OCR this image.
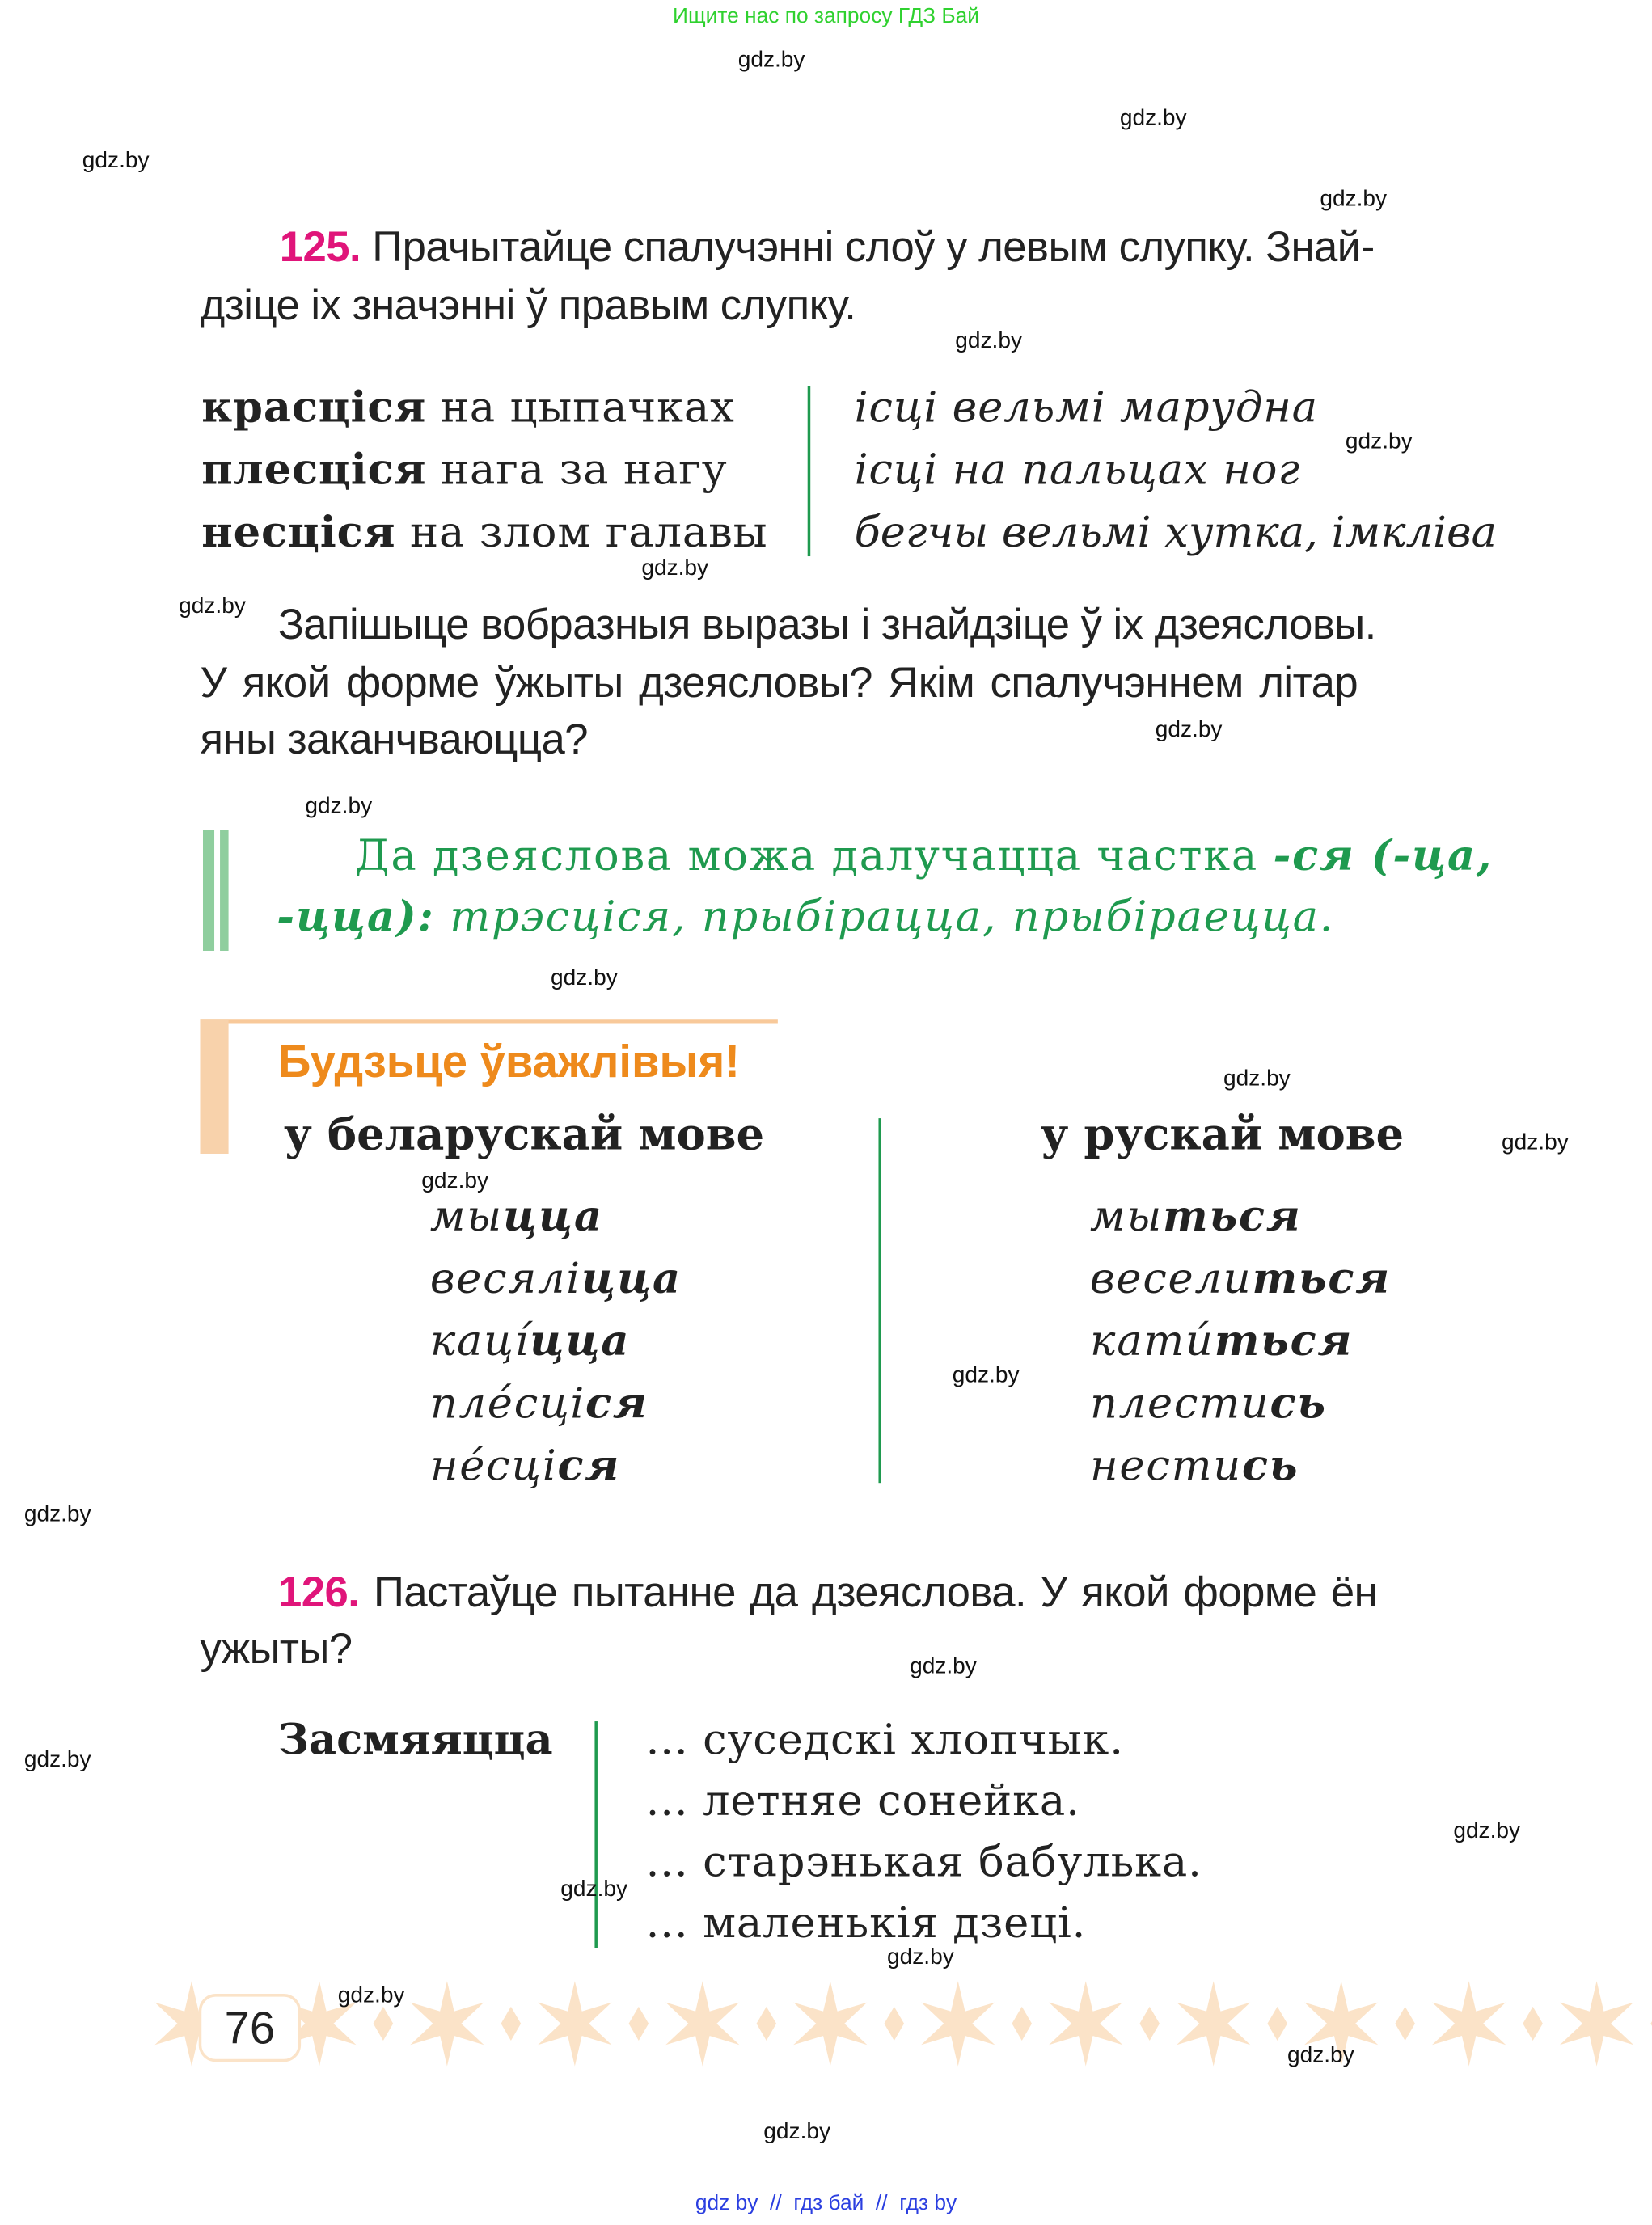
Ищите нас по запросу ГДЗ Бай
gdz.by
gdz.by
gdz.by
gdz.by
gdz.by
gdz.by
gdz.by
gdz.by
gdz.by
gdz.by
gdz.by
gdz.by
gdz.by
gdz.by
gdz.by
gdz.by
gdz.by
gdz.by
gdz.by
gdz.by
gdz.by
gdz.by
gdz.by
gdz.by
125. Прачытайце спалучэнні слоў у левым слупку. Знай-
дзіце іх значэнні ў правым слупку.
красціся на цыпачках
плесціся нага за нагу
несціся на злом галавы
ісці вельмі марудна
ісці на пальцах ног
бегчы вельмі хутка, імкліва
Запішыце вобразныя выразы і знайдзіце ў іх дзеясловы.
У якой форме ўжыты дзеясловы? Якім спалучэннем літар
яны заканчваюцца?
Да дзеяслова можа далучацца частка -ся (-ца,
-цца): трэсціся, прыбірацца, прыбіраецца.
Будзьце ўважлівыя!
у беларускай мове	у рускай мове
мыцца
весяліцца
каці́цца
пле́сціся
не́сціся
мыться
веселиться
кати́ться
плестись
нестись
126. Пастаўце пытанне да дзеяслова. У якой форме ён
ужыты?
Засмяяцца	... суседскі хлопчык.
... летняе сонейка.
... старэнькая бабулька.
... маленькія дзеці.
76
gdz by  //  гдз бай  //  гдз by
